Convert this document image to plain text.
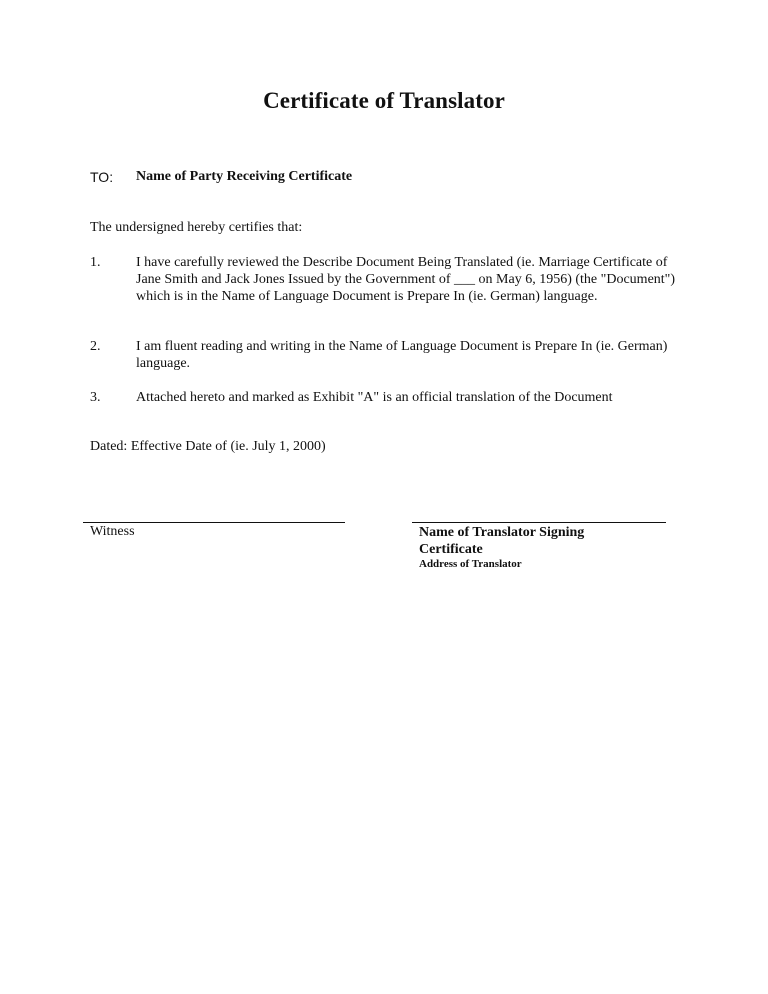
Certificate of Translator
TO: Name of Party Receiving Certificate
The undersigned hereby certifies that:
1.	I have carefully reviewed the Describe Document Being Translated (ie. Marriage Certificate of Jane Smith and Jack Jones Issued by the Government of ___ on May 6, 1956) (the "Document") which is in the Name of Language Document is Prepare In (ie. German) language.
2.	I am fluent reading and writing in the Name of Language Document is Prepare In (ie. German) language.
3.	Attached hereto and marked as Exhibit "A" is an official translation of the Document
Dated: Effective Date of (ie. July 1, 2000)
Witness	Name of Translator Signing Certificate
Address of Translator
